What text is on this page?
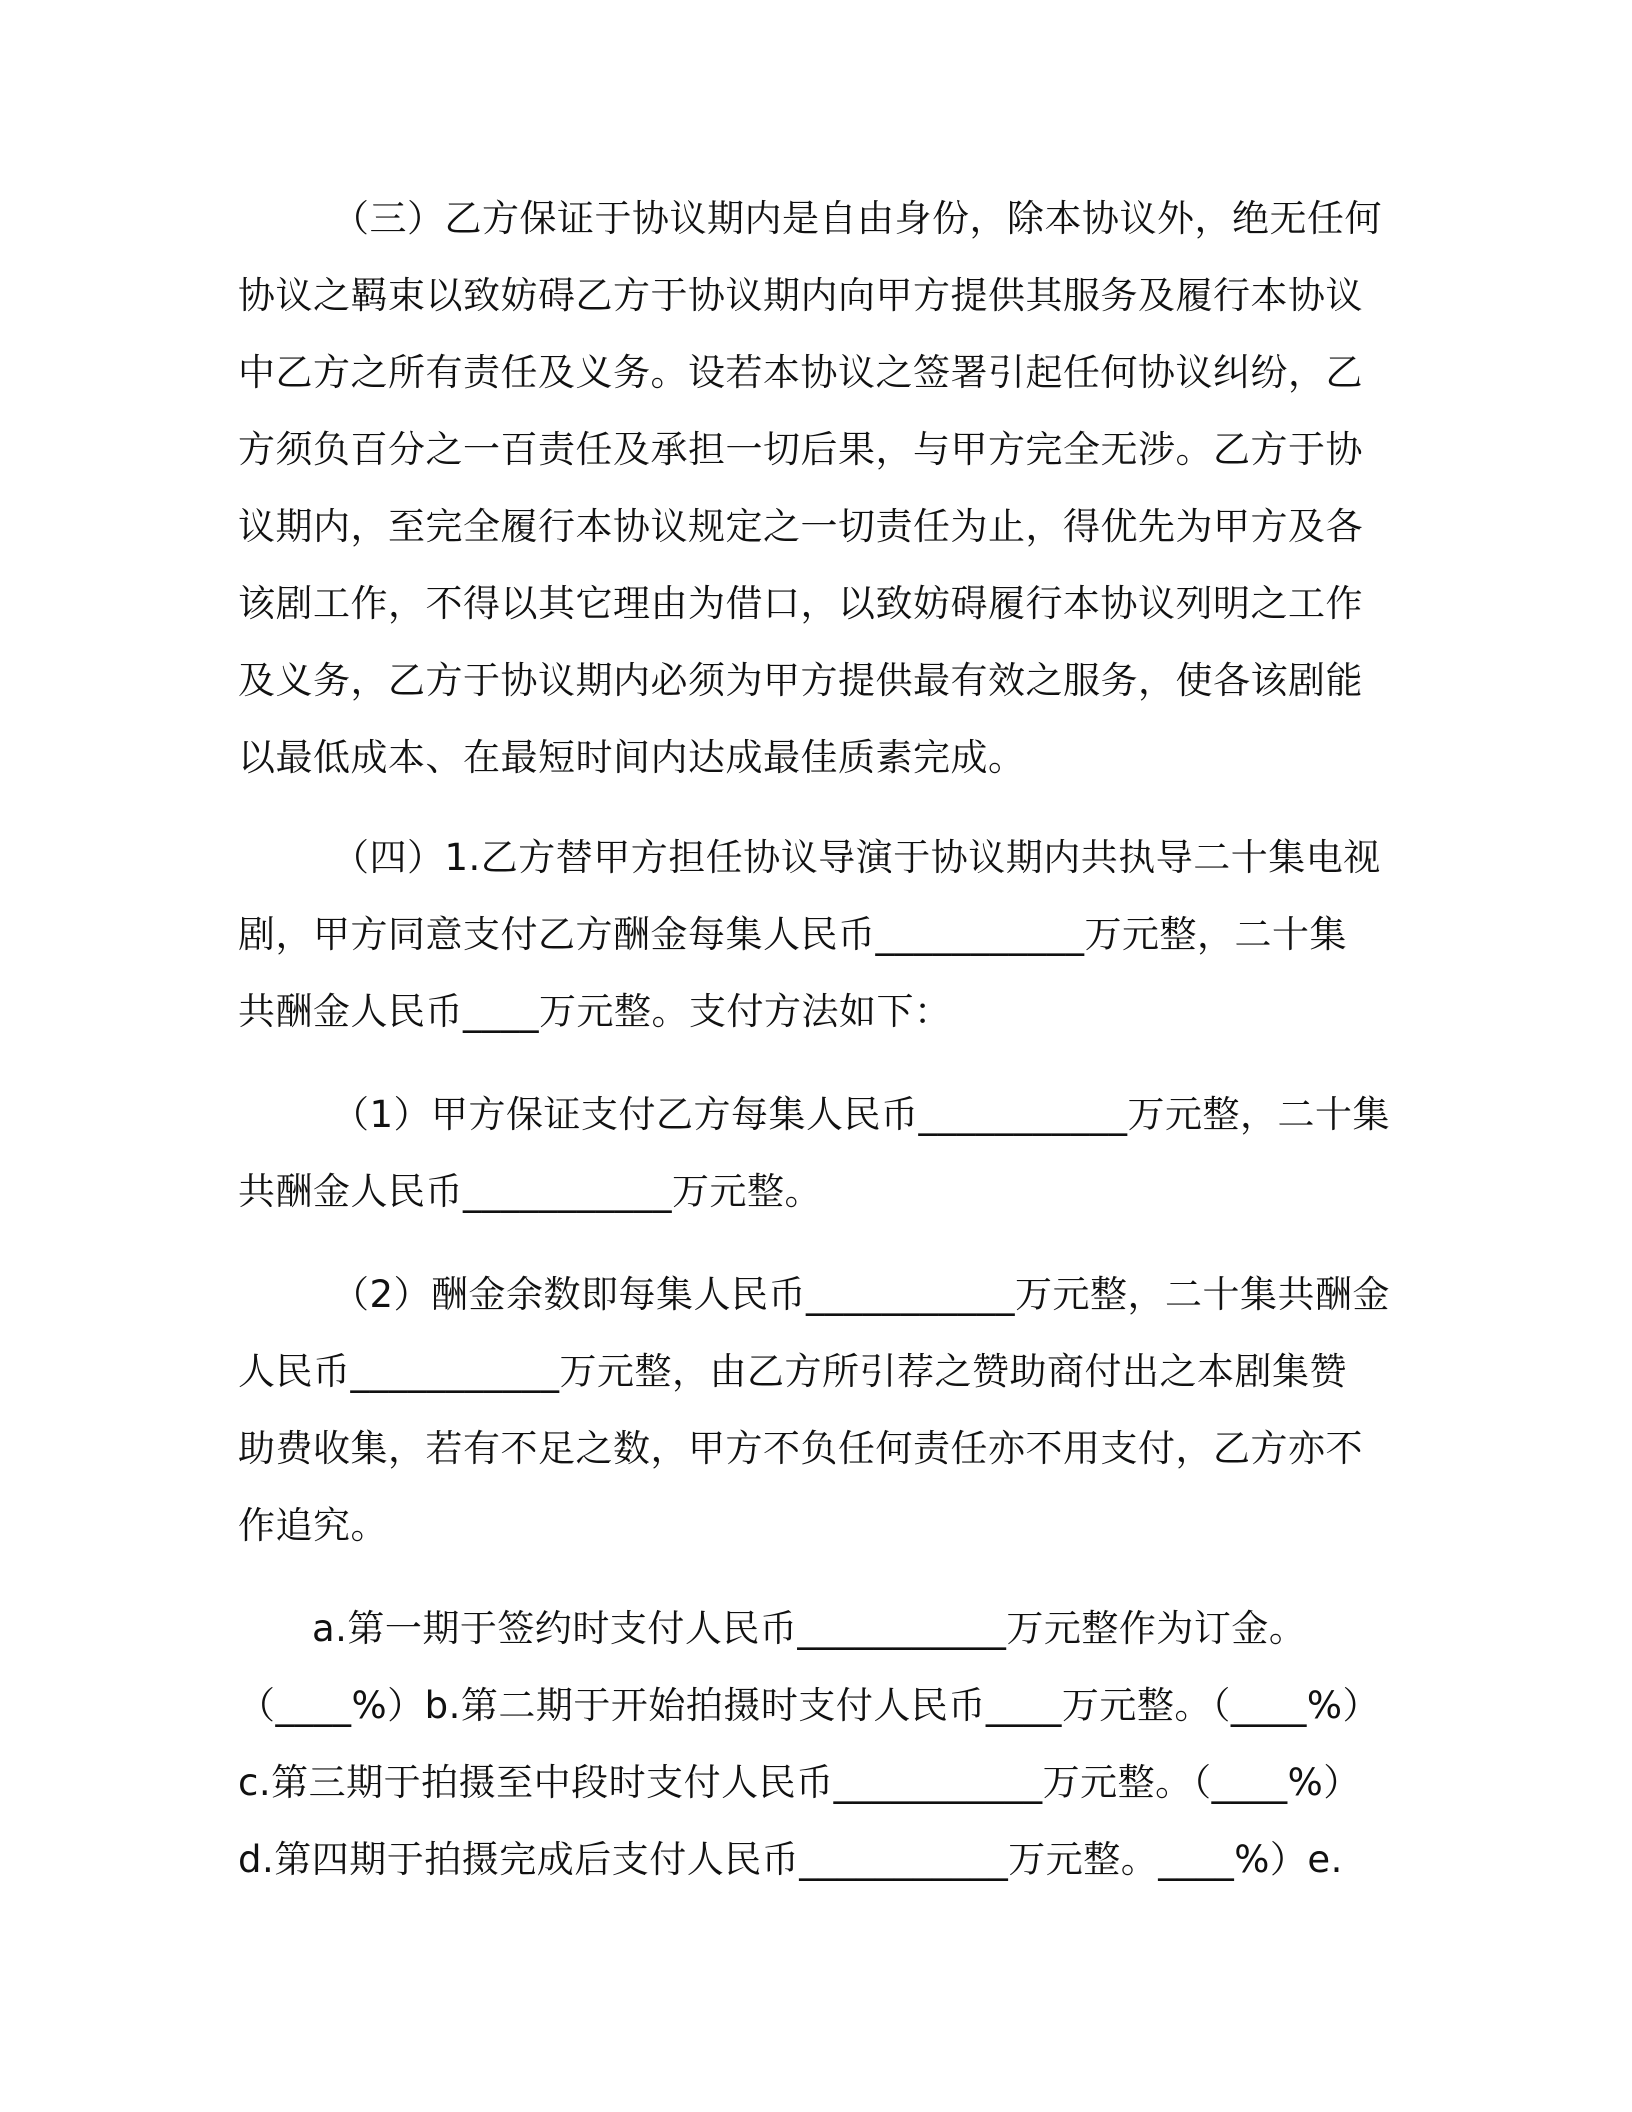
（三）乙方保证于协议期内是自由身份，除本协议外，绝无任何
协议之羁束以致妨碍乙方于协议期内向甲方提供其服务及履行本协议
中乙方之所有责任及义务。设若本协议之签署引起任何协议纠纷，乙
方须负百分之一百责任及承担一切后果，与甲方完全无涉。乙方于协
议期内，至完全履行本协议规定之一切责任为止，得优先为甲方及各
该剧工作，不得以其它理由为借口，以致妨碍履行本协议列明之工作
及义务，乙方于协议期内必须为甲方提供最有效之服务，使各该剧能
以最低成本、在最短时间内达成最佳质素完成。
（四）1.乙方替甲方担任协议导演于协议期内共执导二十集电视
剧，甲方同意支付乙方酬金每集人民币___________万元整，二十集
共酬金人民币____万元整。支付方法如下：
（1）甲方保证支付乙方每集人民币___________万元整，二十集
共酬金人民币___________万元整。
（2）酬金余数即每集人民币___________万元整，二十集共酬金
人民币___________万元整，由乙方所引荐之赞助商付出之本剧集赞
助费收集，若有不足之数，甲方不负任何责任亦不用支付，乙方亦不
作追究。
a.第一期于签约时支付人民币___________万元整作为订金。
（____%）b.第二期于开始拍摄时支付人民币____万元整。（____%）
c.第三期于拍摄至中段时支付人民币___________万元整。（____%）
d.第四期于拍摄完成后支付人民币___________万元整。____%）e.
